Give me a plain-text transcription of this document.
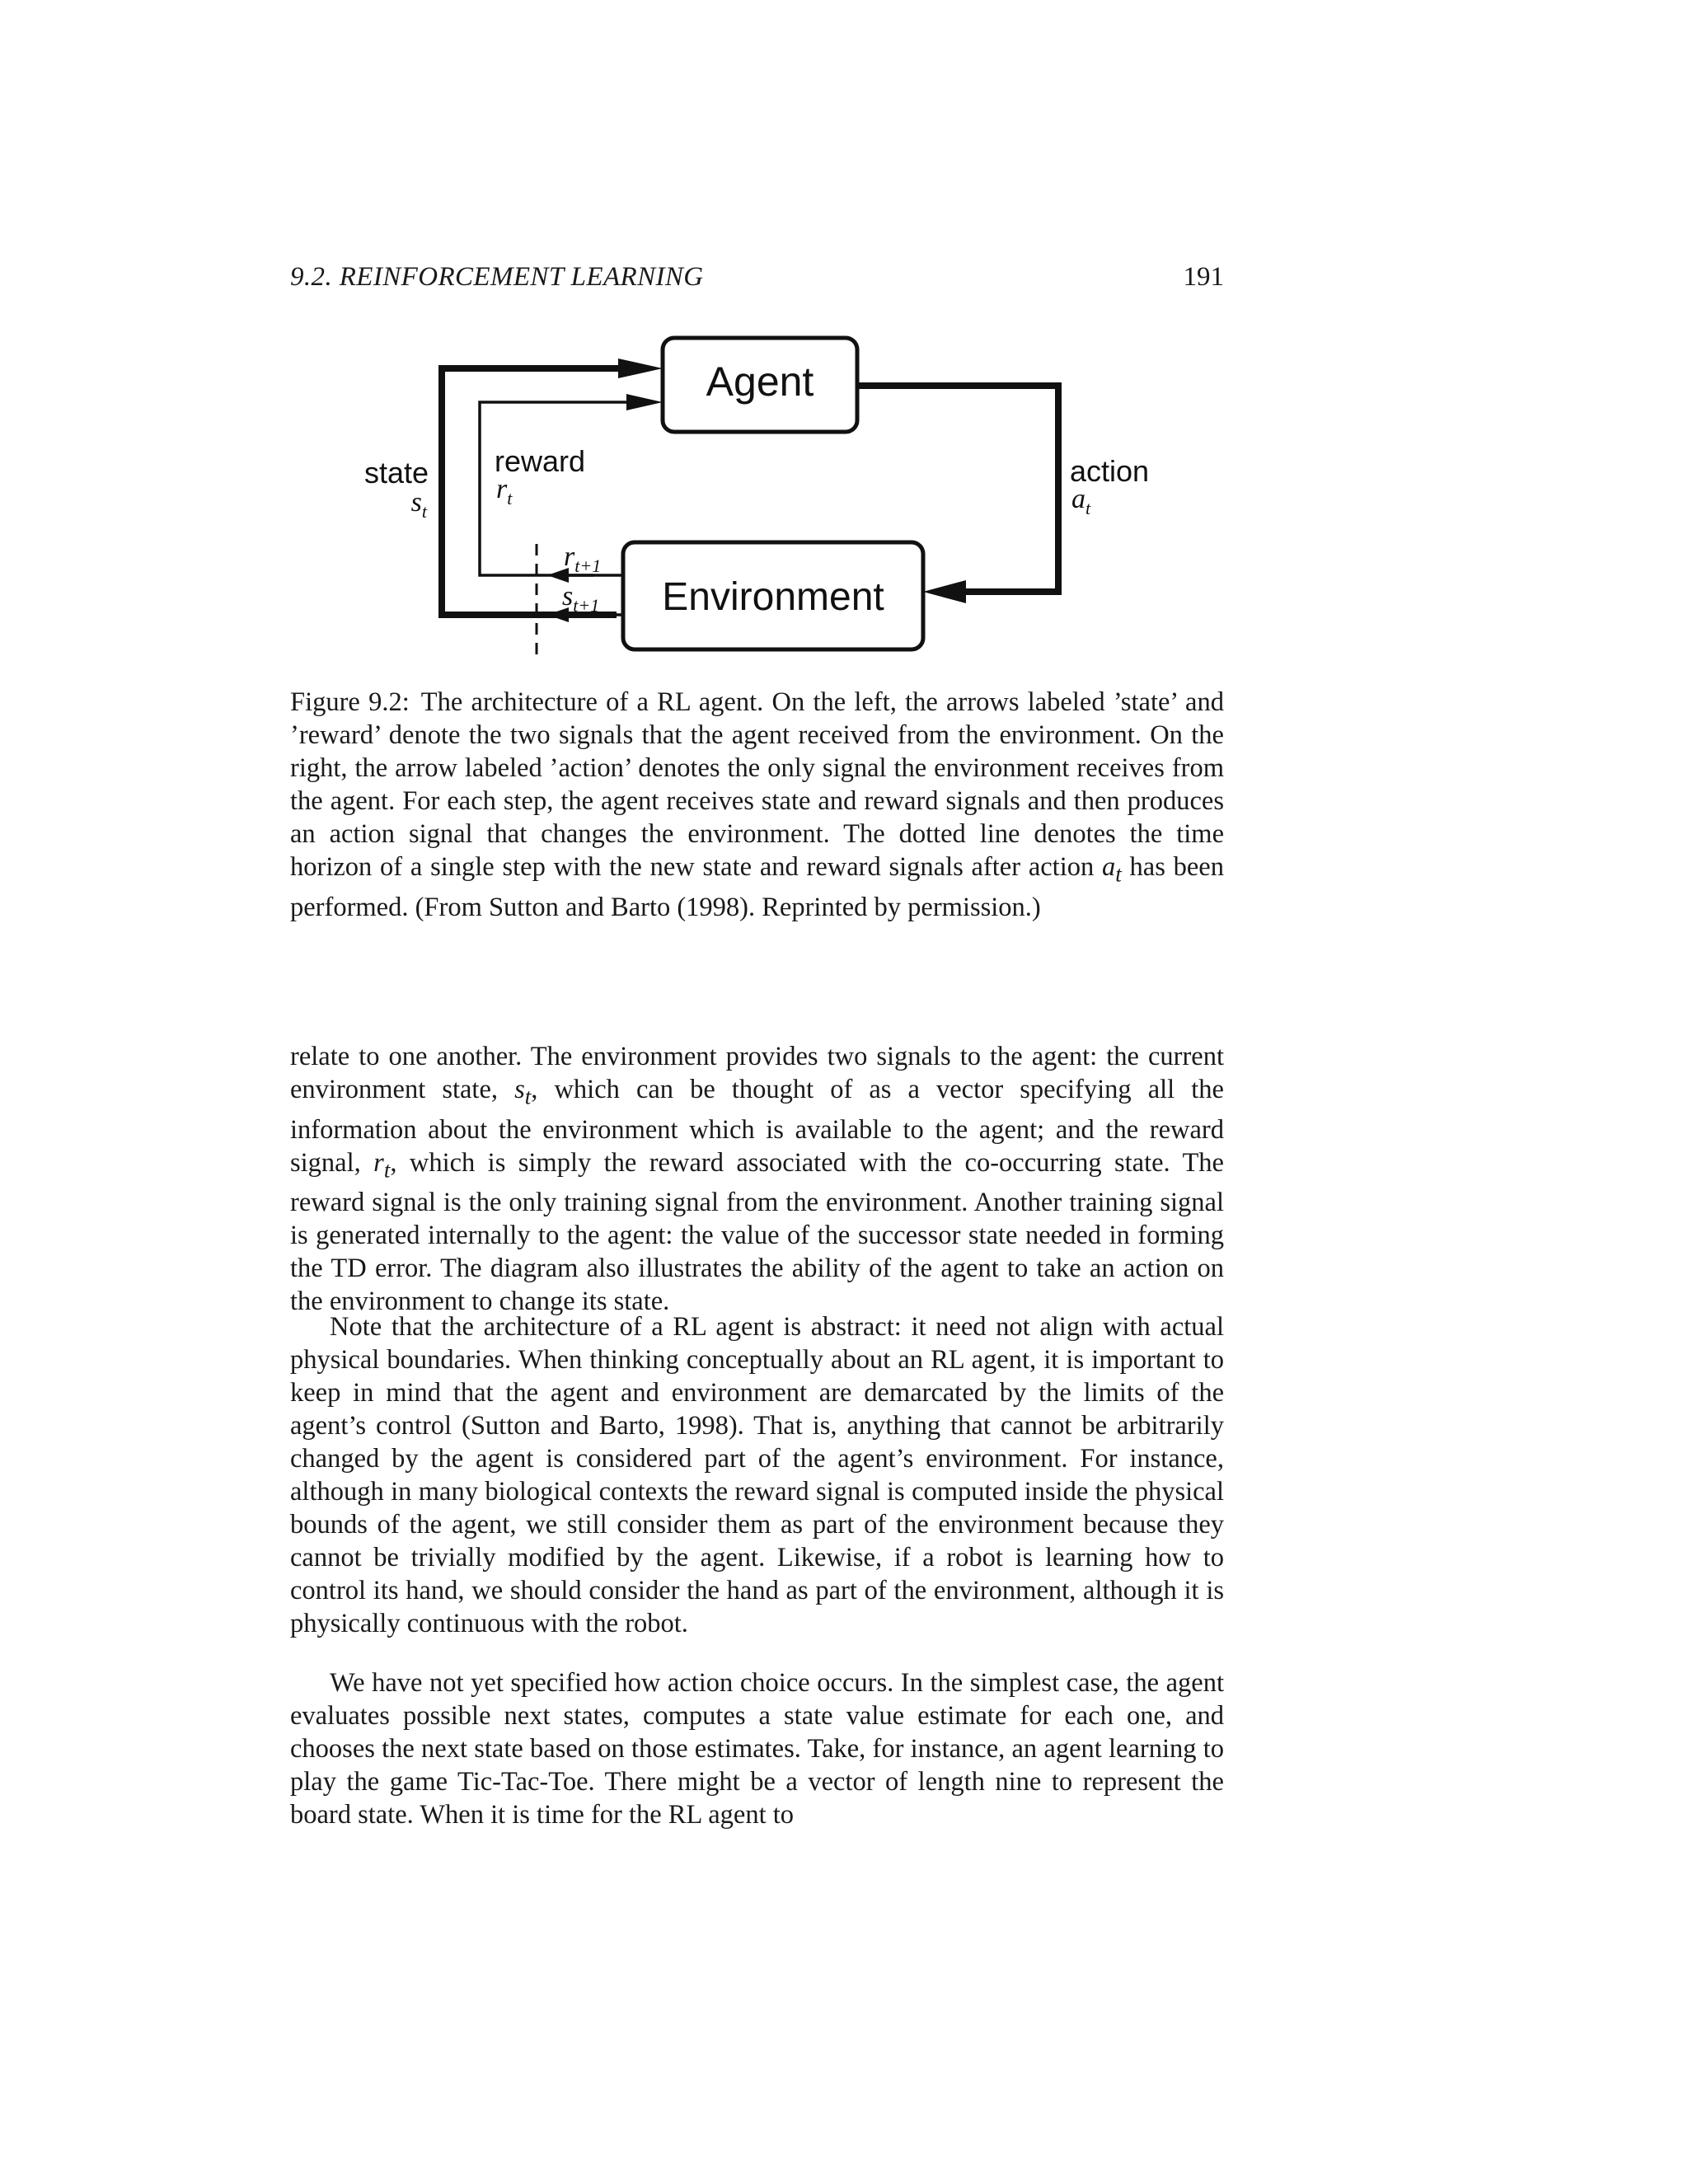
9.2. REINFORCEMENT LEARNING	191
Agent
Environment
state
$s_t$
reward
$r_t$
action
$a_t$
$r_{t+1}$
$s_{t+1}$
Figure 9.2: The architecture of a RL agent. On the left, the arrows labeled ’state’ and ’reward’ denote the two signals that the agent received from the environment. On the right, the arrow labeled ’action’ denotes the only signal the environment receives from the agent. For each step, the agent receives state and reward signals and then produces an action signal that changes the environment. The dotted line denotes the time horizon of a single step with the new state and reward signals after action $a_t$ has been performed. (From Sutton and Barto (1998). Reprinted by permission.)
relate to one another. The environment provides two signals to the agent: the current environment state, $s_t$, which can be thought of as a vector specifying all the information about the environment which is available to the agent; and the reward signal, $r_t$, which is simply the reward associated with the co-occurring state. The reward signal is the only training signal from the environment. Another training signal is generated internally to the agent: the value of the successor state needed in forming the TD error. The diagram also illustrates the ability of the agent to take an action on the environment to change its state.
Note that the architecture of a RL agent is abstract: it need not align with actual physical boundaries. When thinking conceptually about an RL agent, it is important to keep in mind that the agent and environment are demarcated by the limits of the agent’s control (Sutton and Barto, 1998). That is, anything that cannot be arbitrarily changed by the agent is considered part of the agent’s environment. For instance, although in many biological contexts the reward signal is computed inside the physical bounds of the agent, we still consider them as part of the environment because they cannot be trivially modified by the agent. Likewise, if a robot is learning how to control its hand, we should consider the hand as part of the environment, although it is physically continuous with the robot.
We have not yet specified how action choice occurs. In the simplest case, the agent evaluates possible next states, computes a state value estimate for each one, and chooses the next state based on those estimates. Take, for instance, an agent learning to play the game Tic-Tac-Toe. There might be a vector of length nine to represent the board state. When it is time for the RL agent to
